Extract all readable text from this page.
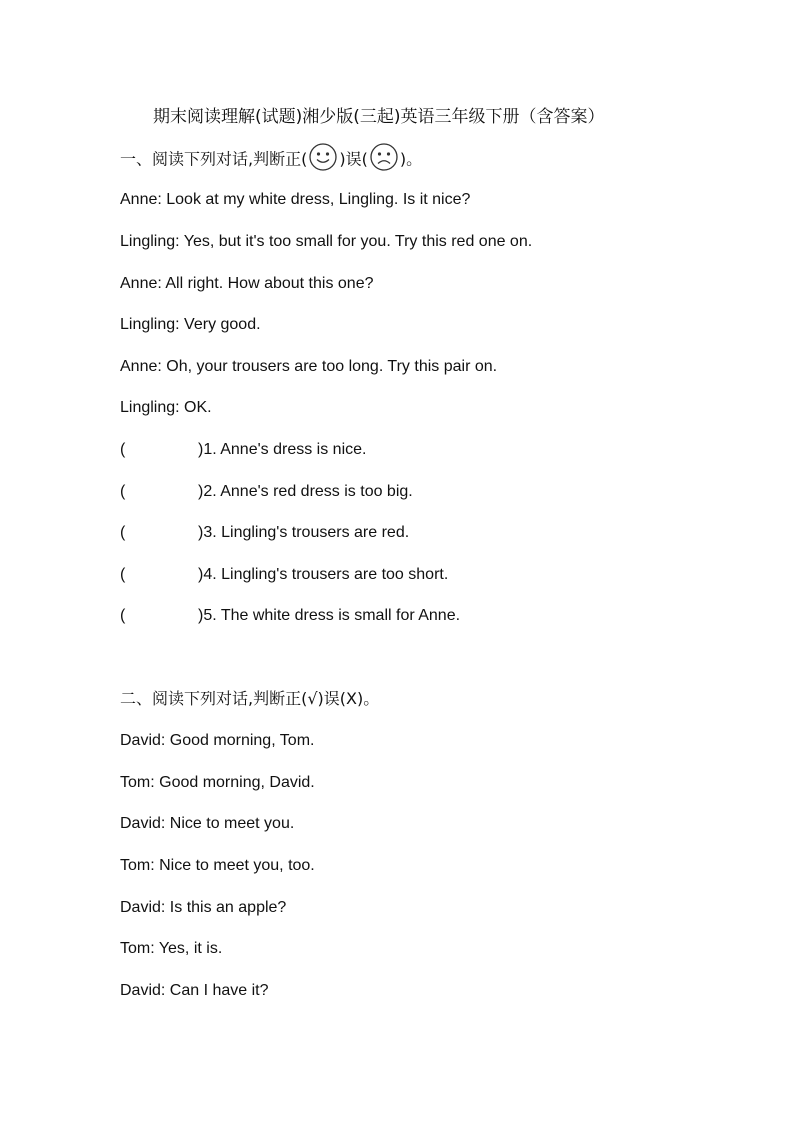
期末阅读理解(试题)湘少版(三起)英语三年级下册（含答案）
一、阅读下列对话,判断正( )误( )。
Anne: Look at my white dress, Lingling. Is it nice?
Lingling: Yes, but it's too small for you. Try this red one on.
Anne: All right. How about this one?
Lingling: Very good.
Anne: Oh, your trousers are too long. Try this pair on.
Lingling: OK.
(	)1. Anne's dress is nice.
(	)2. Anne's red dress is too big.
(	)3. Lingling's trousers are red.
(	)4. Lingling's trousers are too short.
(	)5. The white dress is small for Anne.
二、阅读下列对话,判断正(√)误(X)。
David: Good morning, Tom.
Tom: Good morning, David.
David: Nice to meet you.
Tom: Nice to meet you, too.
David: Is this an apple?
Tom: Yes, it is.
David: Can I have it?
